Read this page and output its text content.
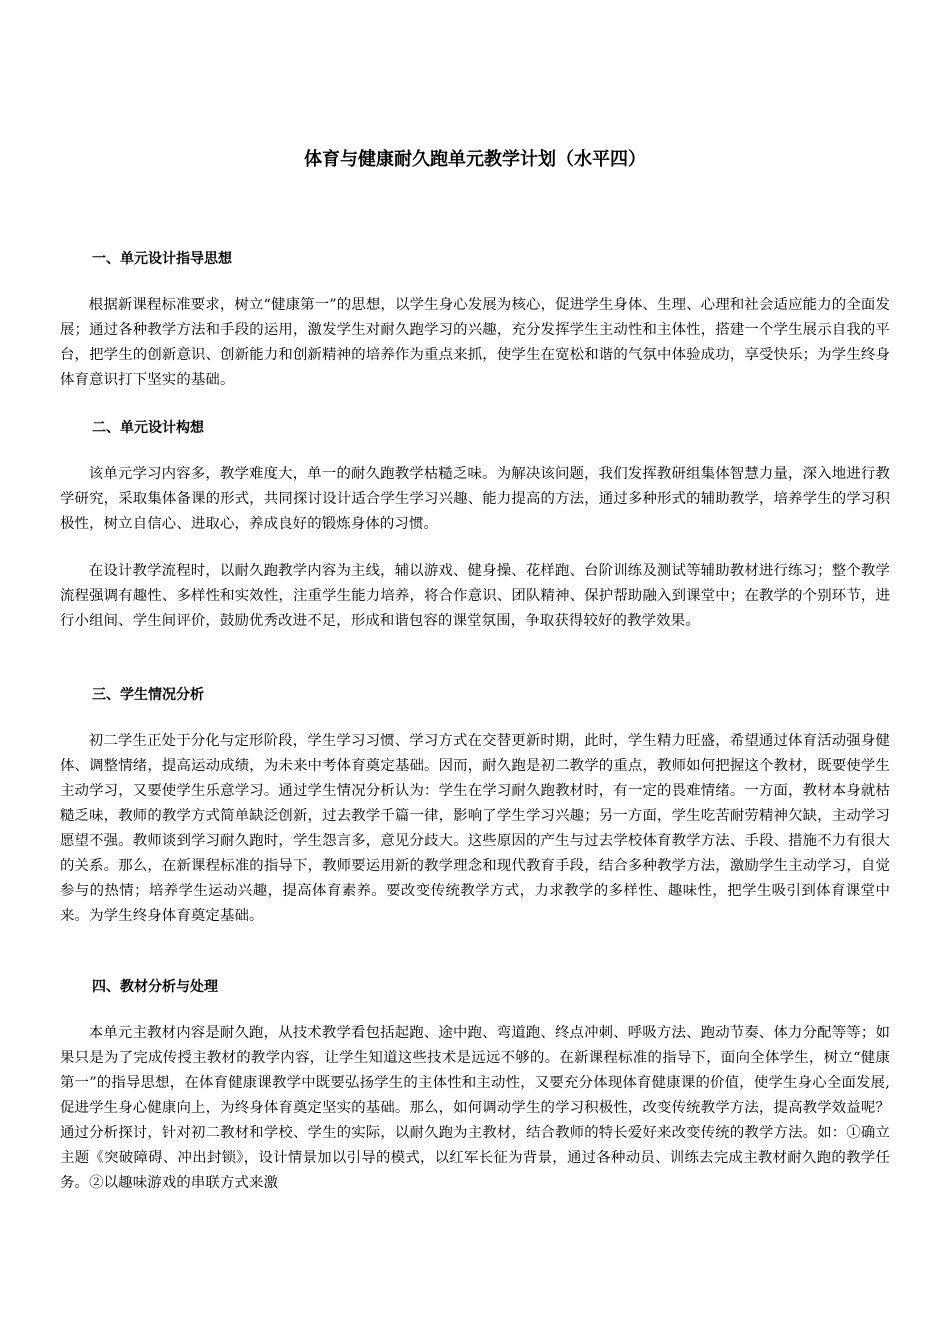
体育与健康耐久跑单元教学计划（水平四）
一、单元设计指导思想

根据新课程标准要求，树立“健康第一”的思想，以学生身心发展为核心，促进学生身体、生理、心理和社会适应能力的全面发展；通过各种教学方法和手段的运用，激发学生对耐久跑学习的兴趣，充分发挥学生主动性和主体性，搭建一个学生展示自我的平台，把学生的创新意识、创新能力和创新精神的培养作为重点来抓，使学生在宽松和谐的气氛中体验成功，享受快乐；为学生终身体育意识打下坚实的基础。

二、单元设计构想

该单元学习内容多，教学难度大，单一的耐久跑教学枯糙乏味。为解决该问题，我们发挥教研组集体智慧力量，深入地进行教学研究，采取集体备课的形式，共同探讨设计适合学生学习兴趣、能力提高的方法，通过多种形式的辅助教学，培养学生的学习积极性，树立自信心、进取心，养成良好的锻炼身体的习惯。

在设计教学流程时，以耐久跑教学内容为主线，辅以游戏、健身操、花样跑、台阶训练及测试等辅助教材进行练习；整个教学流程强调有趣性、多样性和实效性，注重学生能力培养，将合作意识、团队精神、保护帮助融入到课堂中；在教学的个别环节，进行小组间、学生间评价，鼓励优秀改进不足，形成和谐包容的课堂氛围，争取获得较好的教学效果。

三、学生情况分析

初二学生正处于分化与定形阶段，学生学习习惯、学习方式在交替更新时期，此时，学生精力旺盛，希望通过体育活动强身健体、调整情绪，提高运动成绩，为未来中考体育奠定基础。因而，耐久跑是初二教学的重点，教师如何把握这个教材，既要使学生主动学习，又要使学生乐意学习。通过学生情况分析认为：学生在学习耐久跑教材时，有一定的畏难情绪。一方面，教材本身就枯糙乏味，教师的教学方式简单缺泛创新，过去教学千篇一律，影响了学生学习兴趣；另一方面，学生吃苦耐劳精神欠缺，主动学习愿望不强。教师谈到学习耐久跑时，学生怨言多，意见分歧大。这些原因的产生与过去学校体育教学方法、手段、措施不力有很大的关系。那么，在新课程标准的指导下，教师要运用新的教学理念和现代教育手段，结合多种教学方法，激励学生主动学习，自觉参与的热情；培养学生运动兴趣，提高体育素养。要改变传统教学方式，力求教学的多样性、趣味性，把学生吸引到体育课堂中来。为学生终身体育奠定基础。

四、教材分析与处理

本单元主教材内容是耐久跑，从技术教学看包括起跑、途中跑、弯道跑、终点冲刺、呼吸方法、跑动节奏、体力分配等等；如果只是为了完成传授主教材的教学内容，让学生知道这些技术是远远不够的。在新课程标准的指导下，面向全体学生，树立“健康第一”的指导思想，在体育健康课教学中既要弘扬学生的主体性和主动性，又要充分体现体育健康课的价值，使学生身心全面发展,促进学生身心健康向上，为终身体育奠定坚实的基础。那么，如何调动学生的学习积极性，改变传统教学方法，提高教学效益呢？通过分析探讨，针对初二教材和学校、学生的实际，以耐久跑为主教材，结合教师的特长爱好来改变传统的教学方法。如：①确立主题《突破障碍、冲出封锁》，设计情景加以引导的模式，以红军长征为背景，通过各种动员、训练去完成主教材耐久跑的教学任务。②以趣味游戏的串联方式来激
